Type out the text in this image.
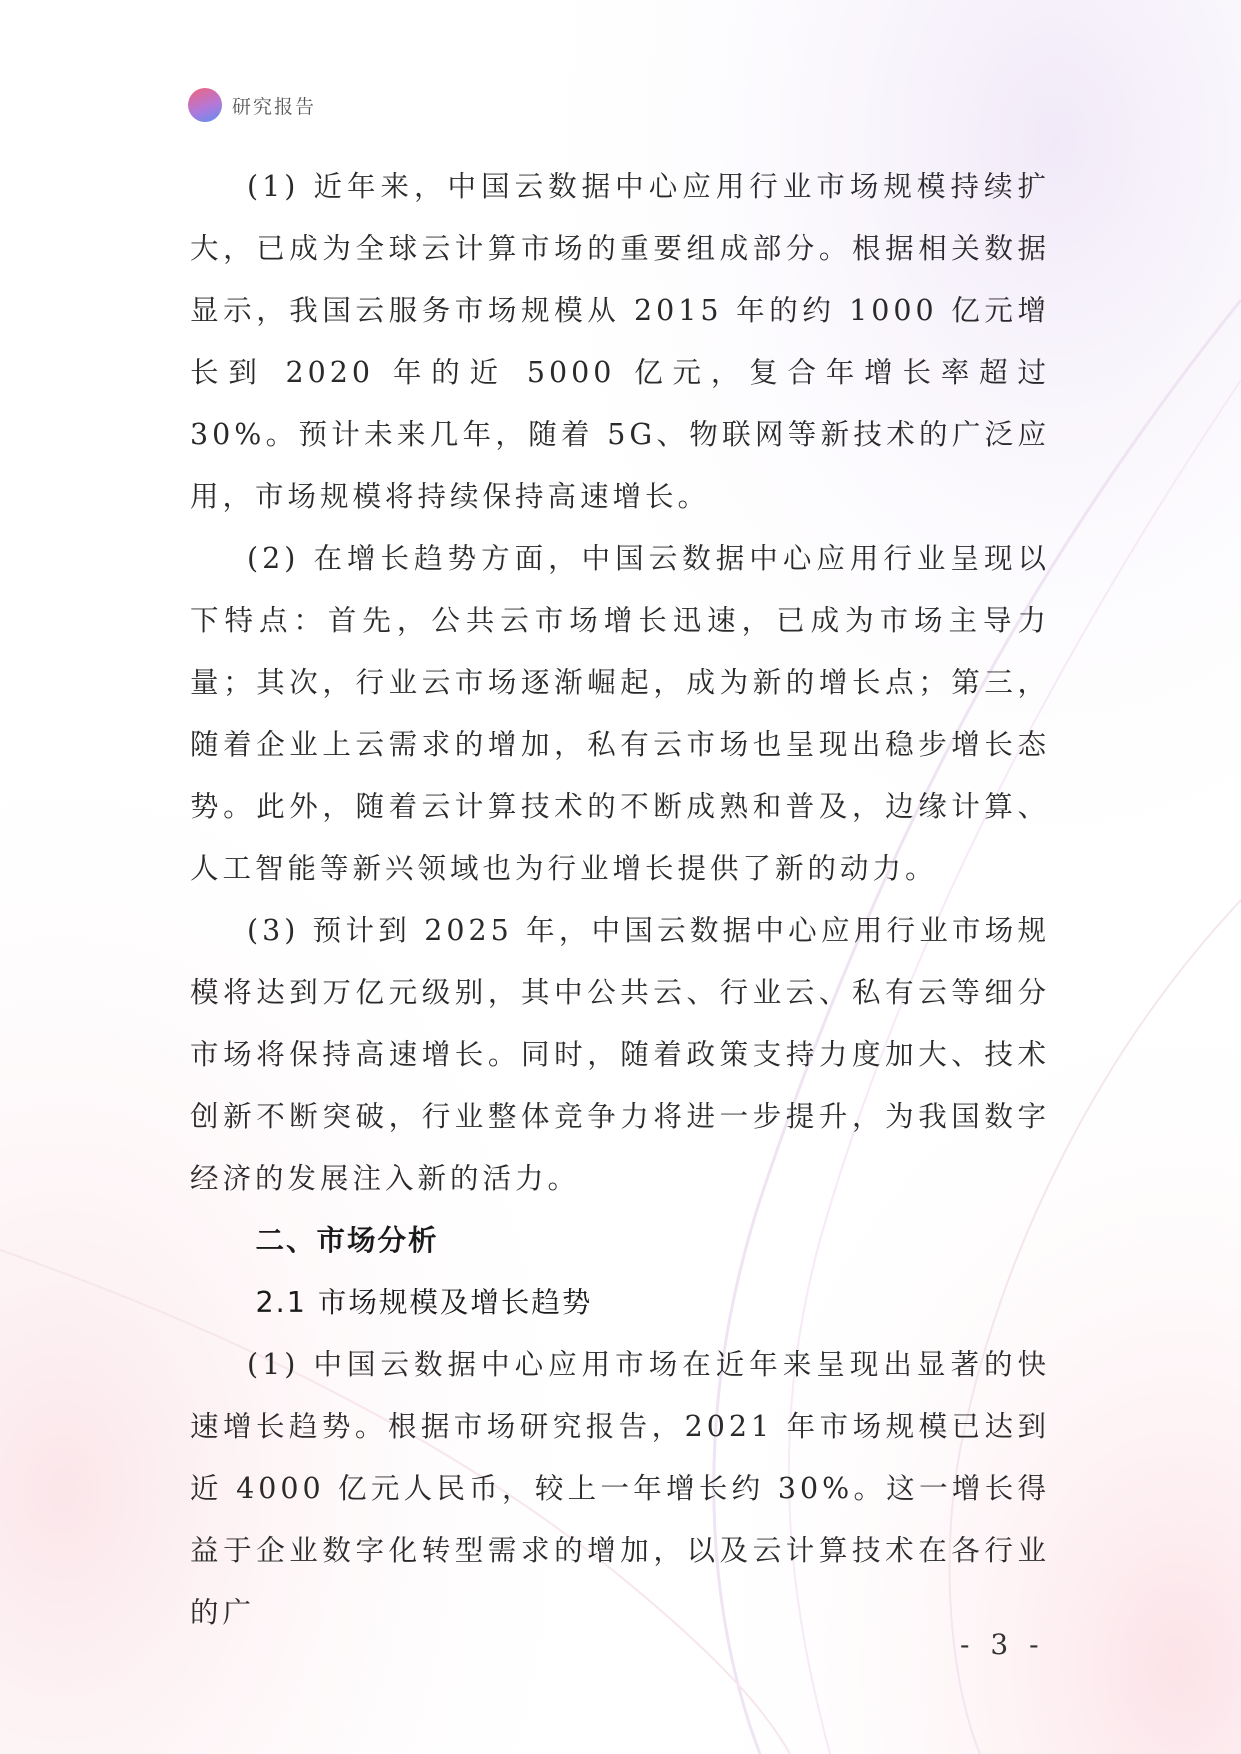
研究报告

(1) 近年来，中国云数据中心应用行业市场规模持续扩大，已成为全球云计算市场的重要组成部分。根据相关数据显示，我国云服务市场规模从 2015 年的约 1000 亿元增长到 2020 年的近 5000 亿元，复合年增长率超过 30%。预计未来几年，随着 5G、物联网等新技术的广泛应用，市场规模将持续保持高速增长。

(2) 在增长趋势方面，中国云数据中心应用行业呈现以下特点：首先，公共云市场增长迅速，已成为市场主导力量；其次，行业云市场逐渐崛起，成为新的增长点；第三，随着企业上云需求的增加，私有云市场也呈现出稳步增长态势。此外，随着云计算技术的不断成熟和普及，边缘计算、人工智能等新兴领域也为行业增长提供了新的动力。

(3) 预计到 2025 年，中国云数据中心应用行业市场规模将达到万亿元级别，其中公共云、行业云、私有云等细分市场将保持高速增长。同时，随着政策支持力度加大、技术创新不断突破，行业整体竞争力将进一步提升，为我国数字经济的发展注入新的活力。

二、市场分析

2.1 市场规模及增长趋势

(1) 中国云数据中心应用市场在近年来呈现出显著的快速增长趋势。根据市场研究报告，2021 年市场规模已达到近 4000 亿元人民币，较上一年增长约 30%。这一增长得益于企业数字化转型需求的增加，以及云计算技术在各行业的广

- 3 -
